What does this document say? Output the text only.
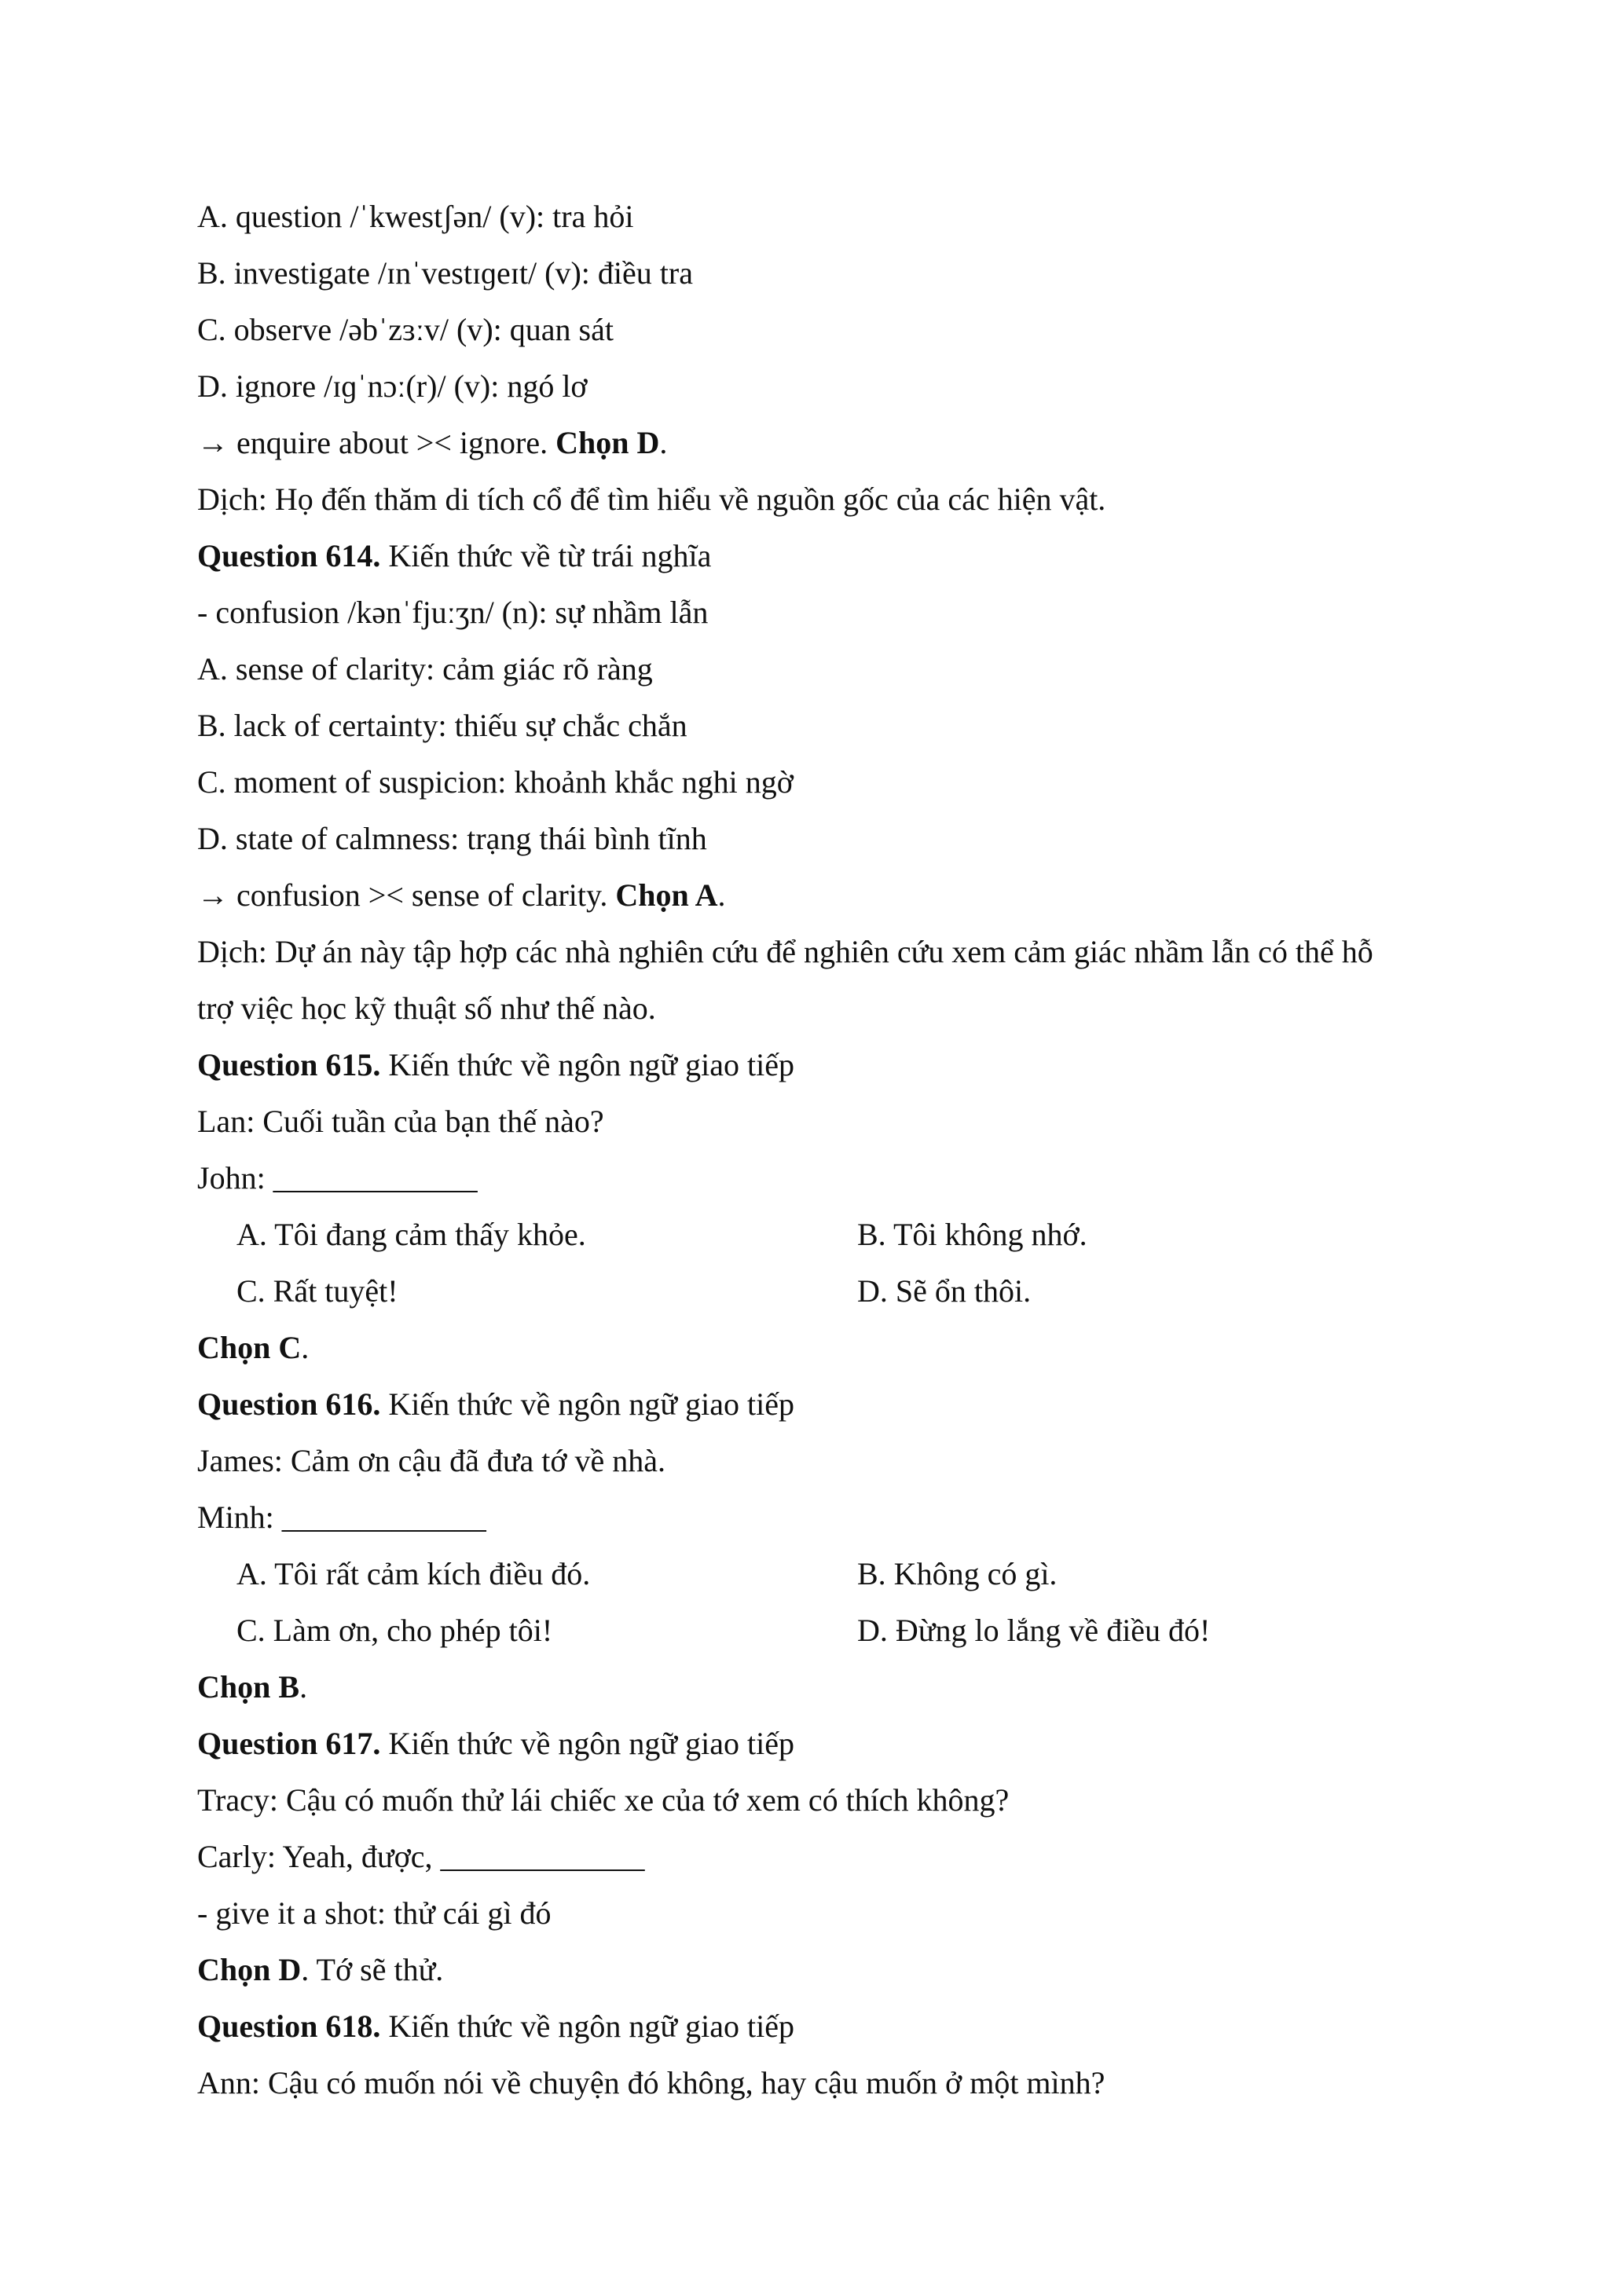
A. question /ˈkwestʃən/ (v): tra hỏi
B. investigate /ɪnˈvestɪɡeɪt/ (v): điều tra
C. observe /əbˈzɜːv/ (v): quan sát
D. ignore /ɪɡˈnɔː(r)/ (v): ngó lơ
→ enquire about >< ignore. Chọn D.
Dịch: Họ đến thăm di tích cổ để tìm hiểu về nguồn gốc của các hiện vật.
Question 614. Kiến thức về từ trái nghĩa
- confusion /kənˈfjuːʒn/ (n): sự nhầm lẫn
A. sense of clarity: cảm giác rõ ràng
B. lack of certainty: thiếu sự chắc chắn
C. moment of suspicion: khoảnh khắc nghi ngờ
D. state of calmness: trạng thái bình tĩnh
→ confusion >< sense of clarity. Chọn A.
Dịch: Dự án này tập hợp các nhà nghiên cứu để nghiên cứu xem cảm giác nhầm lẫn có thể hỗ
trợ việc học kỹ thuật số như thế nào.
Question 615. Kiến thức về ngôn ngữ giao tiếp
Lan: Cuối tuần của bạn thế nào?
John: _____________
A. Tôi đang cảm thấy khỏe.	B. Tôi không nhớ.
C. Rất tuyệt!	D. Sẽ ổn thôi.
Chọn C.
Question 616. Kiến thức về ngôn ngữ giao tiếp
James: Cảm ơn cậu đã đưa tớ về nhà.
Minh: _____________
A. Tôi rất cảm kích điều đó.	B. Không có gì.
C. Làm ơn, cho phép tôi!	D. Đừng lo lắng về điều đó!
Chọn B.
Question 617. Kiến thức về ngôn ngữ giao tiếp
Tracy: Cậu có muốn thử lái chiếc xe của tớ xem có thích không?
Carly: Yeah, được, _____________
- give it a shot: thử cái gì đó
Chọn D. Tớ sẽ thử.
Question 618. Kiến thức về ngôn ngữ giao tiếp
Ann: Cậu có muốn nói về chuyện đó không, hay cậu muốn ở một mình?
